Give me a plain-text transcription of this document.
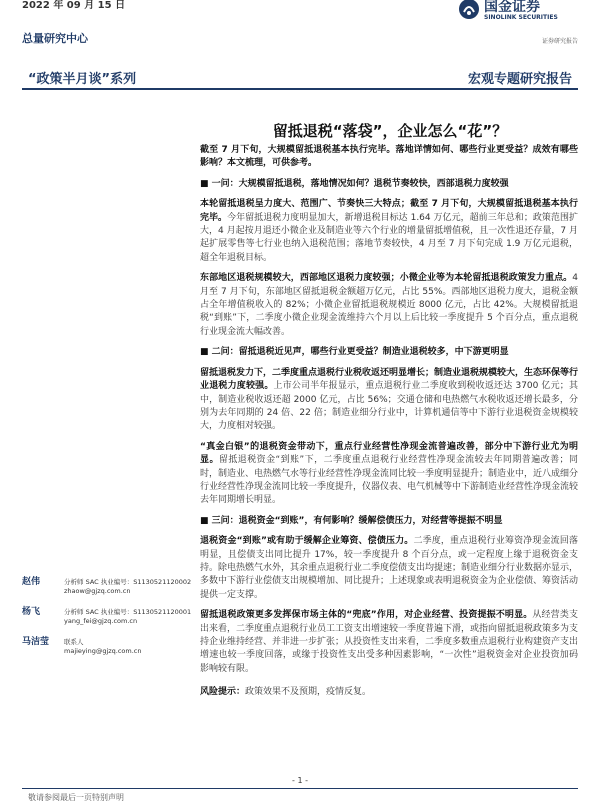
2022 年 09 月 15 日
总量研究中心
国金证券
SINOLINK SECURITIES
证券研究报告
“政策半月谈”系列	宏观专题研究报告
留抵退税“落袋”，企业怎么“花”？

截至 7 月下旬，大规模留抵退税基本执行完毕。落地详情如何、哪些行业更受益？成效有哪些影响？本文梳理，可供参考。

■ 一问：大规模留抵退税，落地情况如何？退税节奏较快，西部退税力度较强

本轮留抵退税呈力度大、范围广、节奏快三大特点；截至 7 月下旬，大规模留抵退税基本执行完毕。今年留抵退税力度明显加大，新增退税目标达 1.64 万亿元，超前三年总和；政策范围扩大，4 月起按月退还小微企业及制造业等六个行业的增量留抵增值税，且一次性退还存量，7 月起扩展零售等七行业也纳入退税范围；落地节奏较快，4 月至 7 月下旬完成 1.9 万亿元退税，超全年退税目标。

东部地区退税规模较大，西部地区退税力度较强；小微企业等为本轮留抵退税政策发力重点。4 月至 7 月下旬，东部地区留抵退税金额超万亿元，占比 55%。西部地区退税力度大，退税金额占全年增值税收入的 82%；小微企业留抵退税规模近 8000 亿元，占比 42%。大规模留抵退税“到账”下，二季度小微企业现金流维持六个月以上后比较一季度提升 5 个百分点，重点退税行业现金流大幅改善。

■ 二问：留抵退税近见声，哪些行业更受益？制造业退税较多，中下游更明显

留抵退税发力下，二季度重点退税行业税收返还明显增长；制造业退税规模较大，生态环保等行业退税力度较强。上市公司半年报显示，重点退税行业二季度收到税收返还达 3700 亿元；其中，制造业税收返还超 2000 亿元，占比 56%；交通仓储和电热燃气水税收返还增长最多，分别为去年同期的 24 倍、22 倍；制造业细分行业中，计算机通信等中下游行业退税资金规模较大，力度相对较强。

“真金白银”的退税资金带动下，重点行业经营性净现金流普遍改善，部分中下游行业尤为明显。留抵退税资金“到账”下，二季度重点退税行业经营性净现金流较去年同期普遍改善；同时，制造业、电热燃气水等行业经营性净现金流同比较一季度明显提升；制造业中，近八成细分行业经营性净现金流同比较一季度提升，仪器仪表、电气机械等中下游制造业经营性净现金流较去年同期增长明显。

■ 三问：退税资金“到账”，有何影响？缓解偿债压力，对经营等提振不明显

退税资金“到账”或有助于缓解企业筹资、偿债压力。二季度，重点退税行业筹资净现金流回落明显，且偿债支出同比提升 17%，较一季度提升 8 个百分点，或一定程度上缘于退税资金支持。除电热燃气水外，其余重点退税行业二季度偿债支出均提速；制造业细分行业数据亦显示，多数中下游行业偿债支出规模增加、同比提升；上述现象或表明退税资金为企业偿债、筹资活动提供一定支撑。

留抵退税政策更多发挥保市场主体的“兜底”作用，对企业经营、投资提振不明显。从经营类支出来看，二季度重点退税行业员工工资支出增速较一季度普遍下滑，或指向留抵退税政策多为支持企业维持经营、并非进一步扩张；从投资性支出来看，二季度多数重点退税行业构建资产支出增速也较一季度回落，或缘于投资性支出受多种因素影响，“一次性”退税资金对企业投资加码影响较有限。

风险提示：政策效果不及预期，疫情反复。

赵伟	分析师 SAC 执业编号：S1130521120002
zhaow@gjzq.com.cn
杨飞	分析师 SAC 执业编号：S1130521120001
yang_fei@gjzq.com.cn
马洁莹 联系人
majieying@gjzq.com.cn
- 1 -
敬请参阅最后一页特别声明
